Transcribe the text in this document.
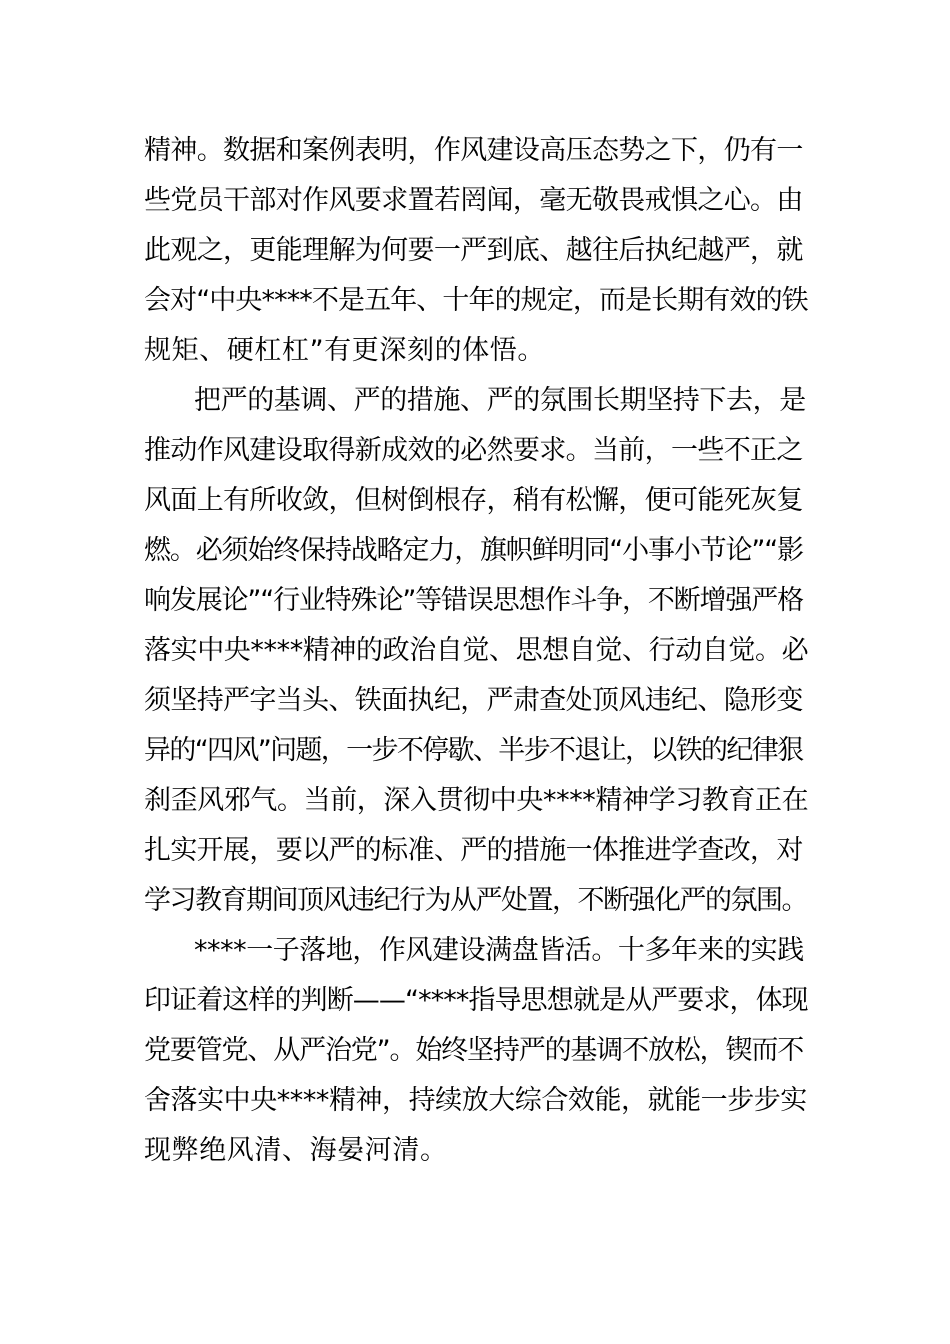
精神。数据和案例表明，作风建设高压态势之下，仍有一
些党员干部对作风要求置若罔闻，毫无敬畏戒惧之心。由
此观之，更能理解为何要一严到底、越往后执纪越严，就
会对“中央****不是五年、十年的规定，而是长期有效的铁
规矩、硬杠杠”有更深刻的体悟。
把严的基调、严的措施、严的氛围长期坚持下去，是
推动作风建设取得新成效的必然要求。当前，一些不正之
风面上有所收敛，但树倒根存，稍有松懈，便可能死灰复
燃。必须始终保持战略定力，旗帜鲜明同“小事小节论”“影
响发展论”“行业特殊论”等错误思想作斗争，不断增强严格
落实中央****精神的政治自觉、思想自觉、行动自觉。必
须坚持严字当头、铁面执纪，严肃查处顶风违纪、隐形变
异的“四风”问题，一步不停歇、半步不退让，以铁的纪律狠
刹歪风邪气。当前，深入贯彻中央****精神学习教育正在
扎实开展，要以严的标准、严的措施一体推进学查改，对
学习教育期间顶风违纪行为从严处置，不断强化严的氛围。
****一子落地，作风建设满盘皆活。十多年来的实践
印证着这样的判断——“****指导思想就是从严要求，体现
党要管党、从严治党”。始终坚持严的基调不放松，锲而不
舍落实中央****精神，持续放大综合效能，就能一步步实
现弊绝风清、海晏河清。
